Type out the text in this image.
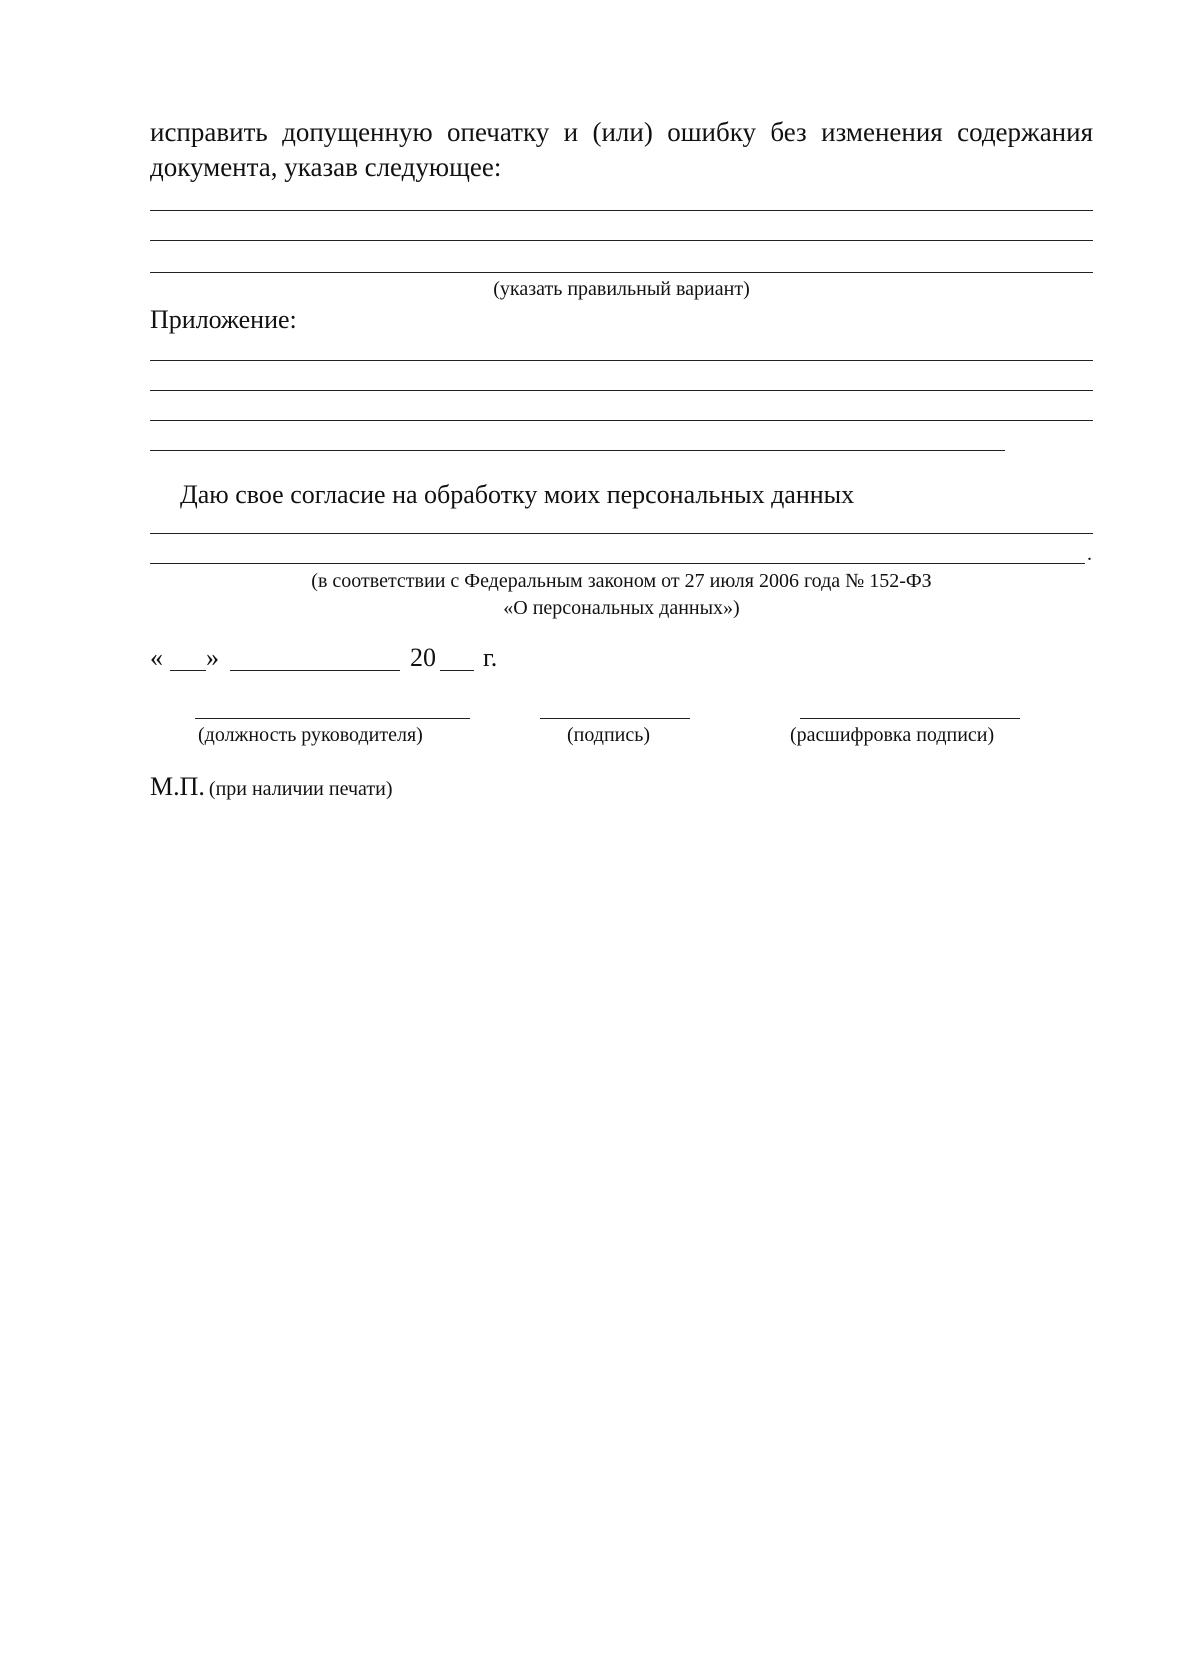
исправить допущенную опечатку и (или) ошибку без изменения содержания документа, указав следующее:
(указать правильный вариант)
Приложение:
Даю свое согласие на обработку моих персональных данных
.
(в соответствии с Федеральным законом от 27 июля 2006 года № 152-ФЗ
«О персональных данных»)
« »	20 г.
(должность руководителя)	(подпись)	(расшифровка подписи)
М.П. (при наличии печати)
